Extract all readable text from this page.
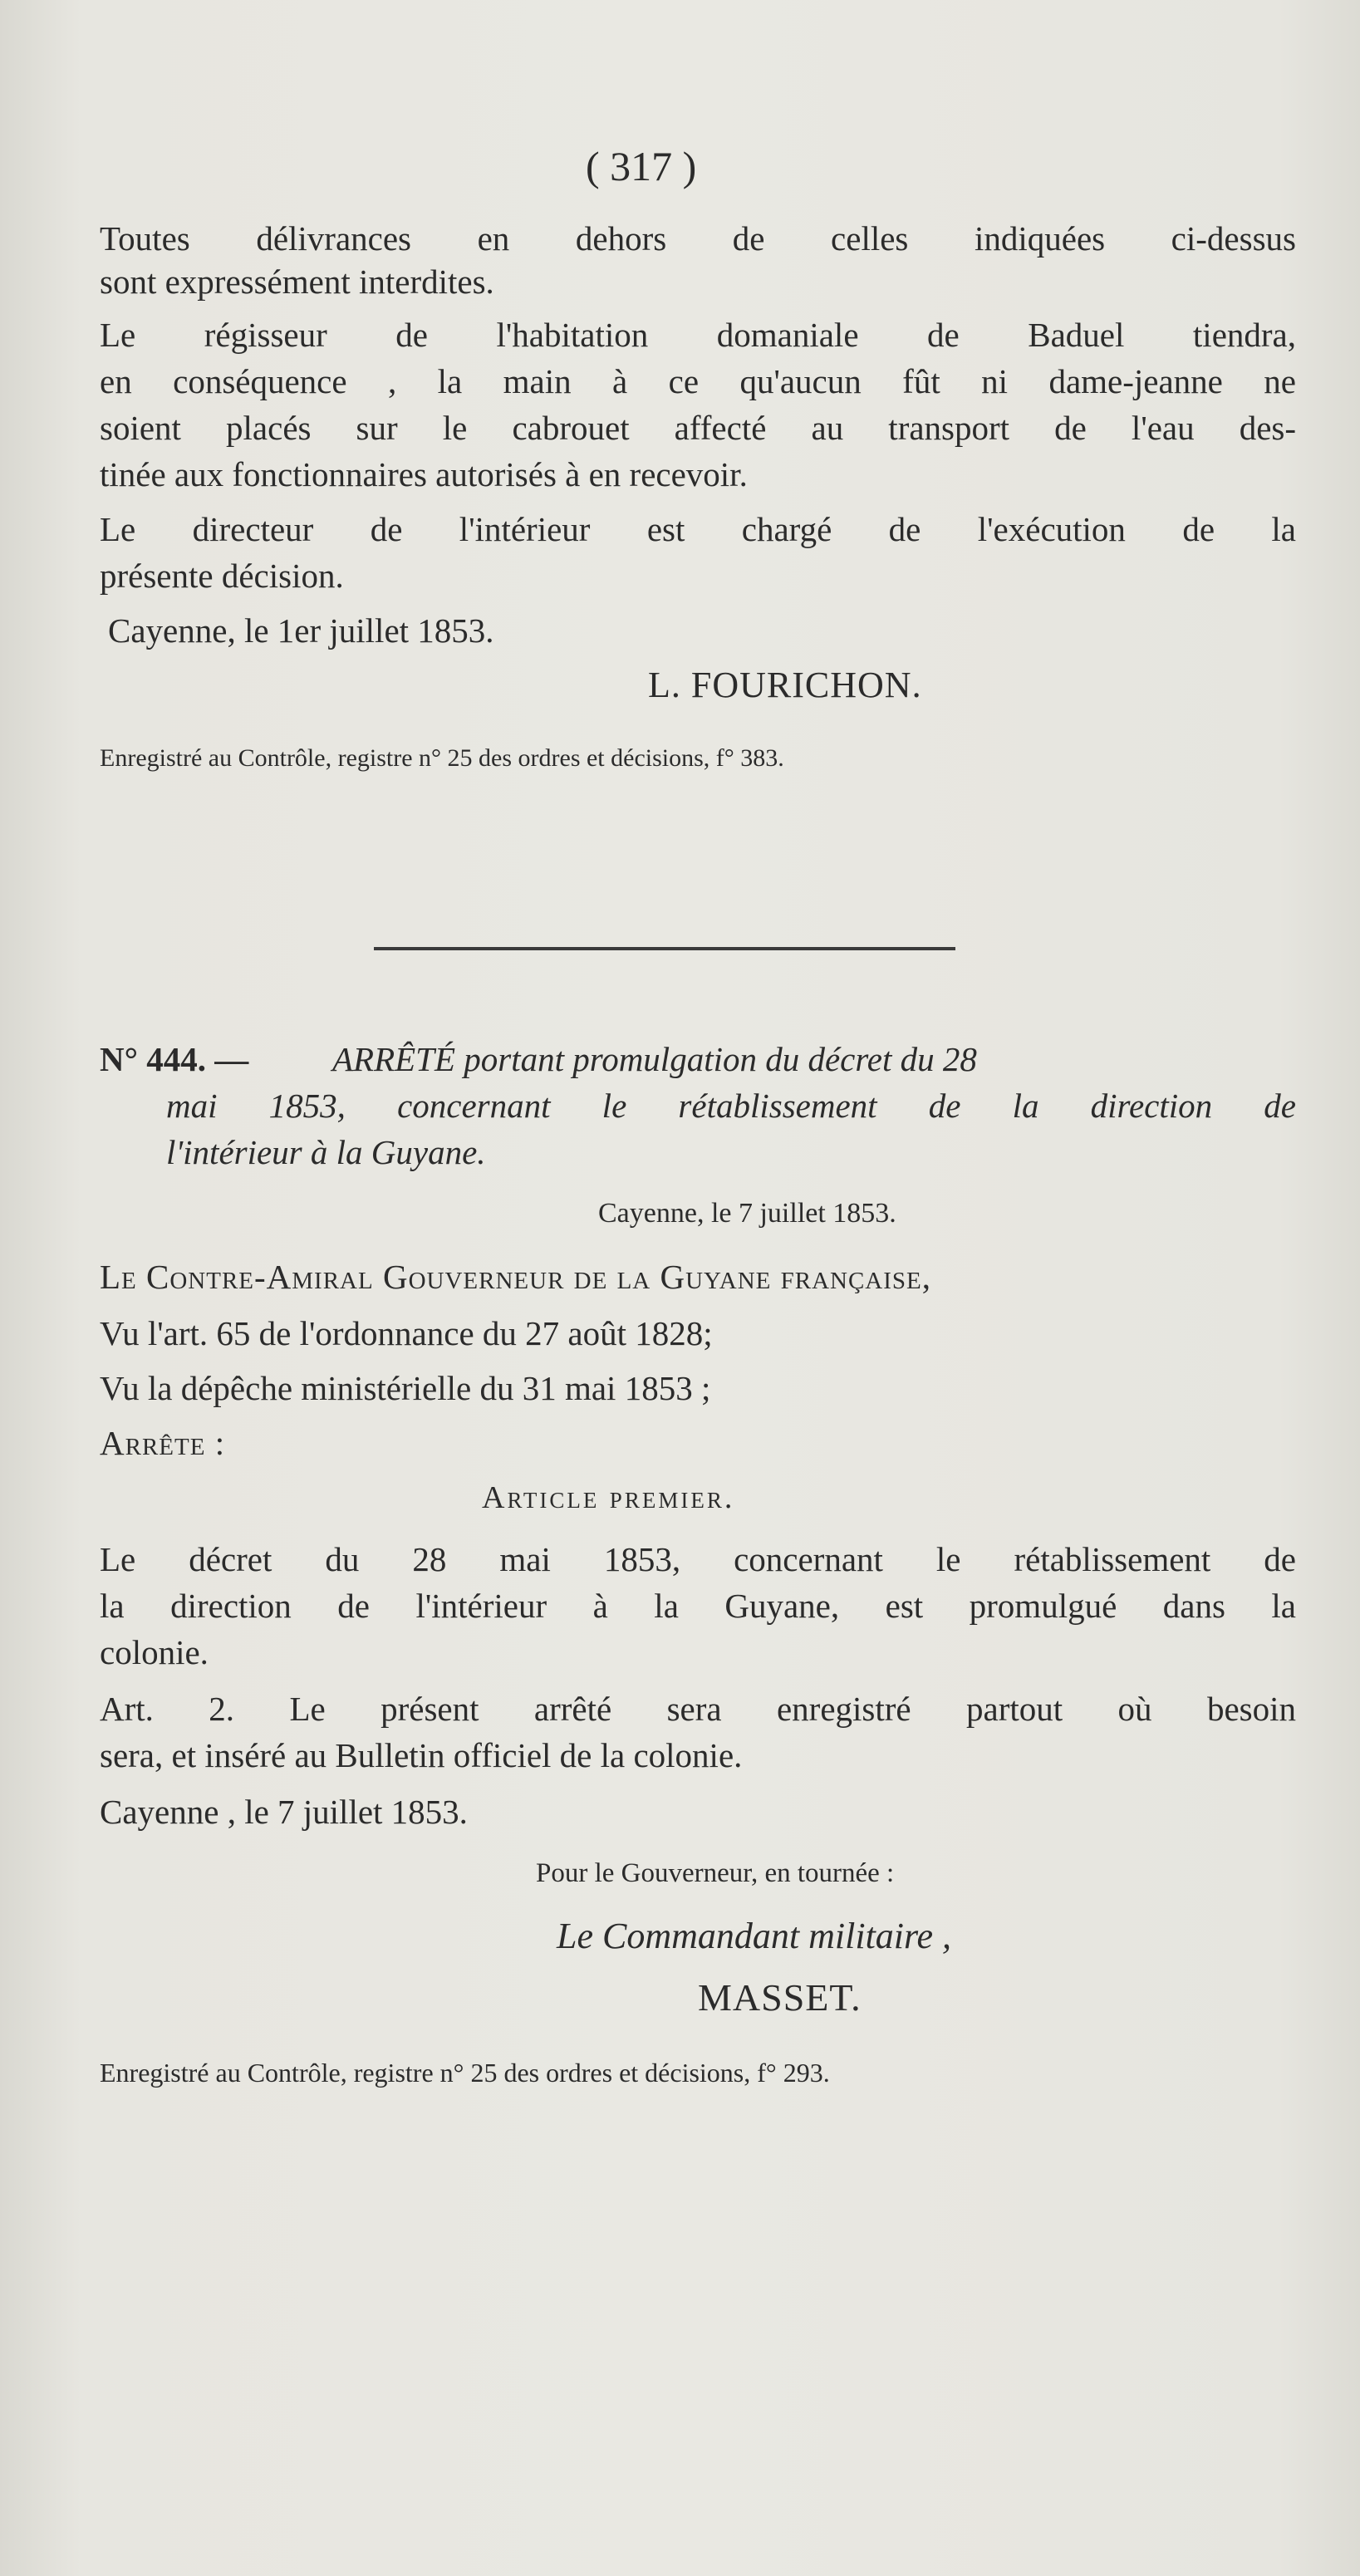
( 317 )
Toutes délivrances en dehors de celles indiquées ci-dessus
sont expressément interdites.
Le régisseur de l'habitation domaniale de Baduel tiendra,
en conséquence , la main à ce qu'aucun fût ni dame-jeanne ne
soient placés sur le cabrouet affecté au transport de l'eau des-
tinée aux fonctionnaires autorisés à en recevoir.
Le directeur de l'intérieur est chargé de l'exécution de la
présente décision.
Cayenne, le 1er juillet 1853.
L. FOURICHON.
Enregistré au Contrôle, registre n° 25 des ordres et décisions, f° 383.
N° 444. — ARRÊTÉ portant promulgation du décret du 28
mai 1853, concernant le rétablissement de la direction de
l'intérieur à la Guyane.
Cayenne, le 7 juillet 1853.
Le Contre-Amiral Gouverneur de la Guyane française,
Vu l'art. 65 de l'ordonnance du 27 août 1828;
Vu la dépêche ministérielle du 31 mai 1853 ;
Arrête :
Article premier.
Le décret du 28 mai 1853, concernant le rétablissement de
la direction de l'intérieur à la Guyane, est promulgué dans la
colonie.
Art. 2. Le présent arrêté sera enregistré partout où besoin
sera, et inséré au Bulletin officiel de la colonie.
Cayenne , le 7 juillet 1853.
Pour le Gouverneur, en tournée :
Le Commandant militaire ,
MASSET.
Enregistré au Contrôle, registre n° 25 des ordres et décisions, f° 293.
